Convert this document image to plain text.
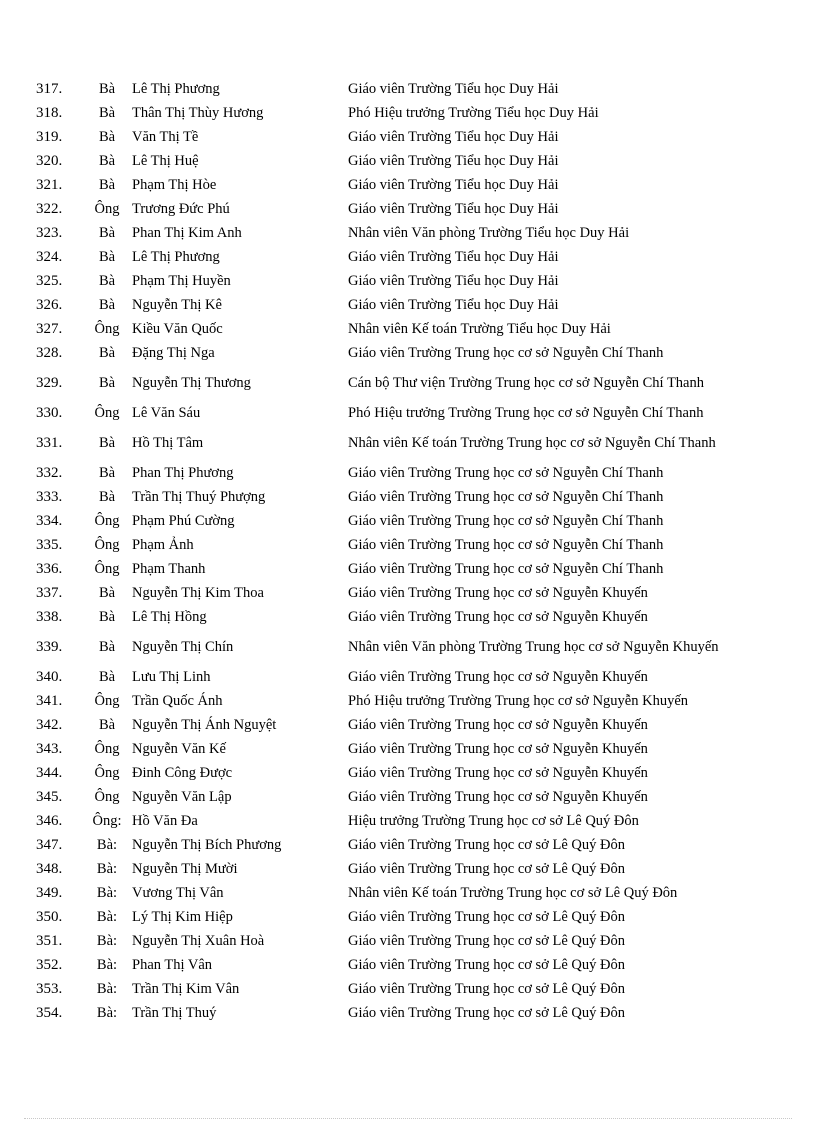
317.	Bà	Lê Thị Phương	Giáo viên Trường Tiểu học Duy Hải
318.	Bà	Thân Thị Thùy Hương	Phó Hiệu trưởng Trường Tiểu học Duy Hải
319.	Bà	Văn Thị Tề	Giáo viên Trường Tiểu học Duy Hải
320.	Bà	Lê Thị Huệ	Giáo viên Trường Tiểu học Duy Hải
321.	Bà	Phạm Thị Hòe	Giáo viên Trường Tiểu học Duy Hải
322.	Ông Trương Đức Phú	Giáo viên Trường Tiểu học Duy Hải
323.	Bà	Phan Thị Kim Anh	Nhân viên Văn phòng Trường Tiểu học Duy Hải
324.	Bà	Lê Thị Phương	Giáo viên Trường Tiểu học Duy Hải
325.	Bà	Phạm Thị Huyền	Giáo viên Trường Tiểu học Duy Hải
326.	Bà	Nguyễn Thị Kê	Giáo viên Trường Tiểu học Duy Hải
327.	Ông Kiều Văn Quốc	Nhân viên Kế toán Trường Tiểu học Duy Hải
328.	Bà	Đặng Thị Nga	Giáo viên Trường Trung học cơ sở Nguyễn Chí Thanh
329.	Bà	Nguyễn Thị Thương	Cán bộ Thư viện Trường Trung học cơ sở Nguyễn Chí Thanh
330.	Ông Lê Văn Sáu	Phó Hiệu trưởng Trường Trung học cơ sở Nguyễn Chí Thanh
331.	Bà	Hồ Thị Tâm	Nhân viên Kế toán Trường Trung học cơ sở Nguyễn Chí Thanh
332.	Bà	Phan Thị Phương	Giáo viên Trường Trung học cơ sở Nguyễn Chí Thanh
333.	Bà	Trần Thị Thuý Phượng	Giáo viên Trường Trung học cơ sở Nguyễn Chí Thanh
334.	Ông Phạm Phú Cường	Giáo viên Trường Trung học cơ sở Nguyễn Chí Thanh
335.	Ông Phạm Ảnh	Giáo viên Trường Trung học cơ sở Nguyễn Chí Thanh
336.	Ông Phạm Thanh	Giáo viên Trường Trung học cơ sở Nguyễn Chí Thanh
337.	Bà	Nguyễn Thị Kim Thoa	Giáo viên Trường Trung học cơ sở Nguyễn Khuyến
338.	Bà	Lê Thị Hồng	Giáo viên Trường Trung học cơ sở Nguyễn Khuyến
339.	Bà	Nguyễn Thị Chín	Nhân viên Văn phòng Trường Trung học cơ sở Nguyễn Khuyến
340.	Bà	Lưu Thị Linh	Giáo viên Trường Trung học cơ sở Nguyễn Khuyến
341.	Ông Trần Quốc Ánh	Phó Hiệu trưởng Trường Trung học cơ sở Nguyễn Khuyến
342.	Bà	Nguyễn Thị Ánh Nguyệt	Giáo viên Trường Trung học cơ sở Nguyễn Khuyến
343.	Ông Nguyễn Văn Kế	Giáo viên Trường Trung học cơ sở Nguyễn Khuyến
344.	Ông Đinh Công Được	Giáo viên Trường Trung học cơ sở Nguyễn Khuyến
345.	Ông Nguyễn Văn Lập	Giáo viên Trường Trung học cơ sở Nguyễn Khuyến
346.	Ông: Hồ Văn Đa	Hiệu trưởng Trường Trung học cơ sở Lê Quý Đôn
347.	Bà:	Nguyễn Thị Bích Phương	Giáo viên Trường Trung học cơ sở Lê Quý Đôn
348.	Bà:	Nguyễn Thị Mười	Giáo viên Trường Trung học cơ sở Lê Quý Đôn
349.	Bà:	Vương Thị Vân	Nhân viên Kế toán Trường Trung học cơ sở Lê Quý Đôn
350.	Bà:	Lý Thị Kim Hiệp	Giáo viên Trường Trung học cơ sở Lê Quý Đôn
351.	Bà:	Nguyễn Thị Xuân Hoà	Giáo viên Trường Trung học cơ sở Lê Quý Đôn
352.	Bà:	Phan Thị Vân	Giáo viên Trường Trung học cơ sở Lê Quý Đôn
353.	Bà:	Trần Thị Kim Vân	Giáo viên Trường Trung học cơ sở Lê Quý Đôn
354.	Bà:	Trần Thị Thuý	Giáo viên Trường Trung học cơ sở Lê Quý Đôn
